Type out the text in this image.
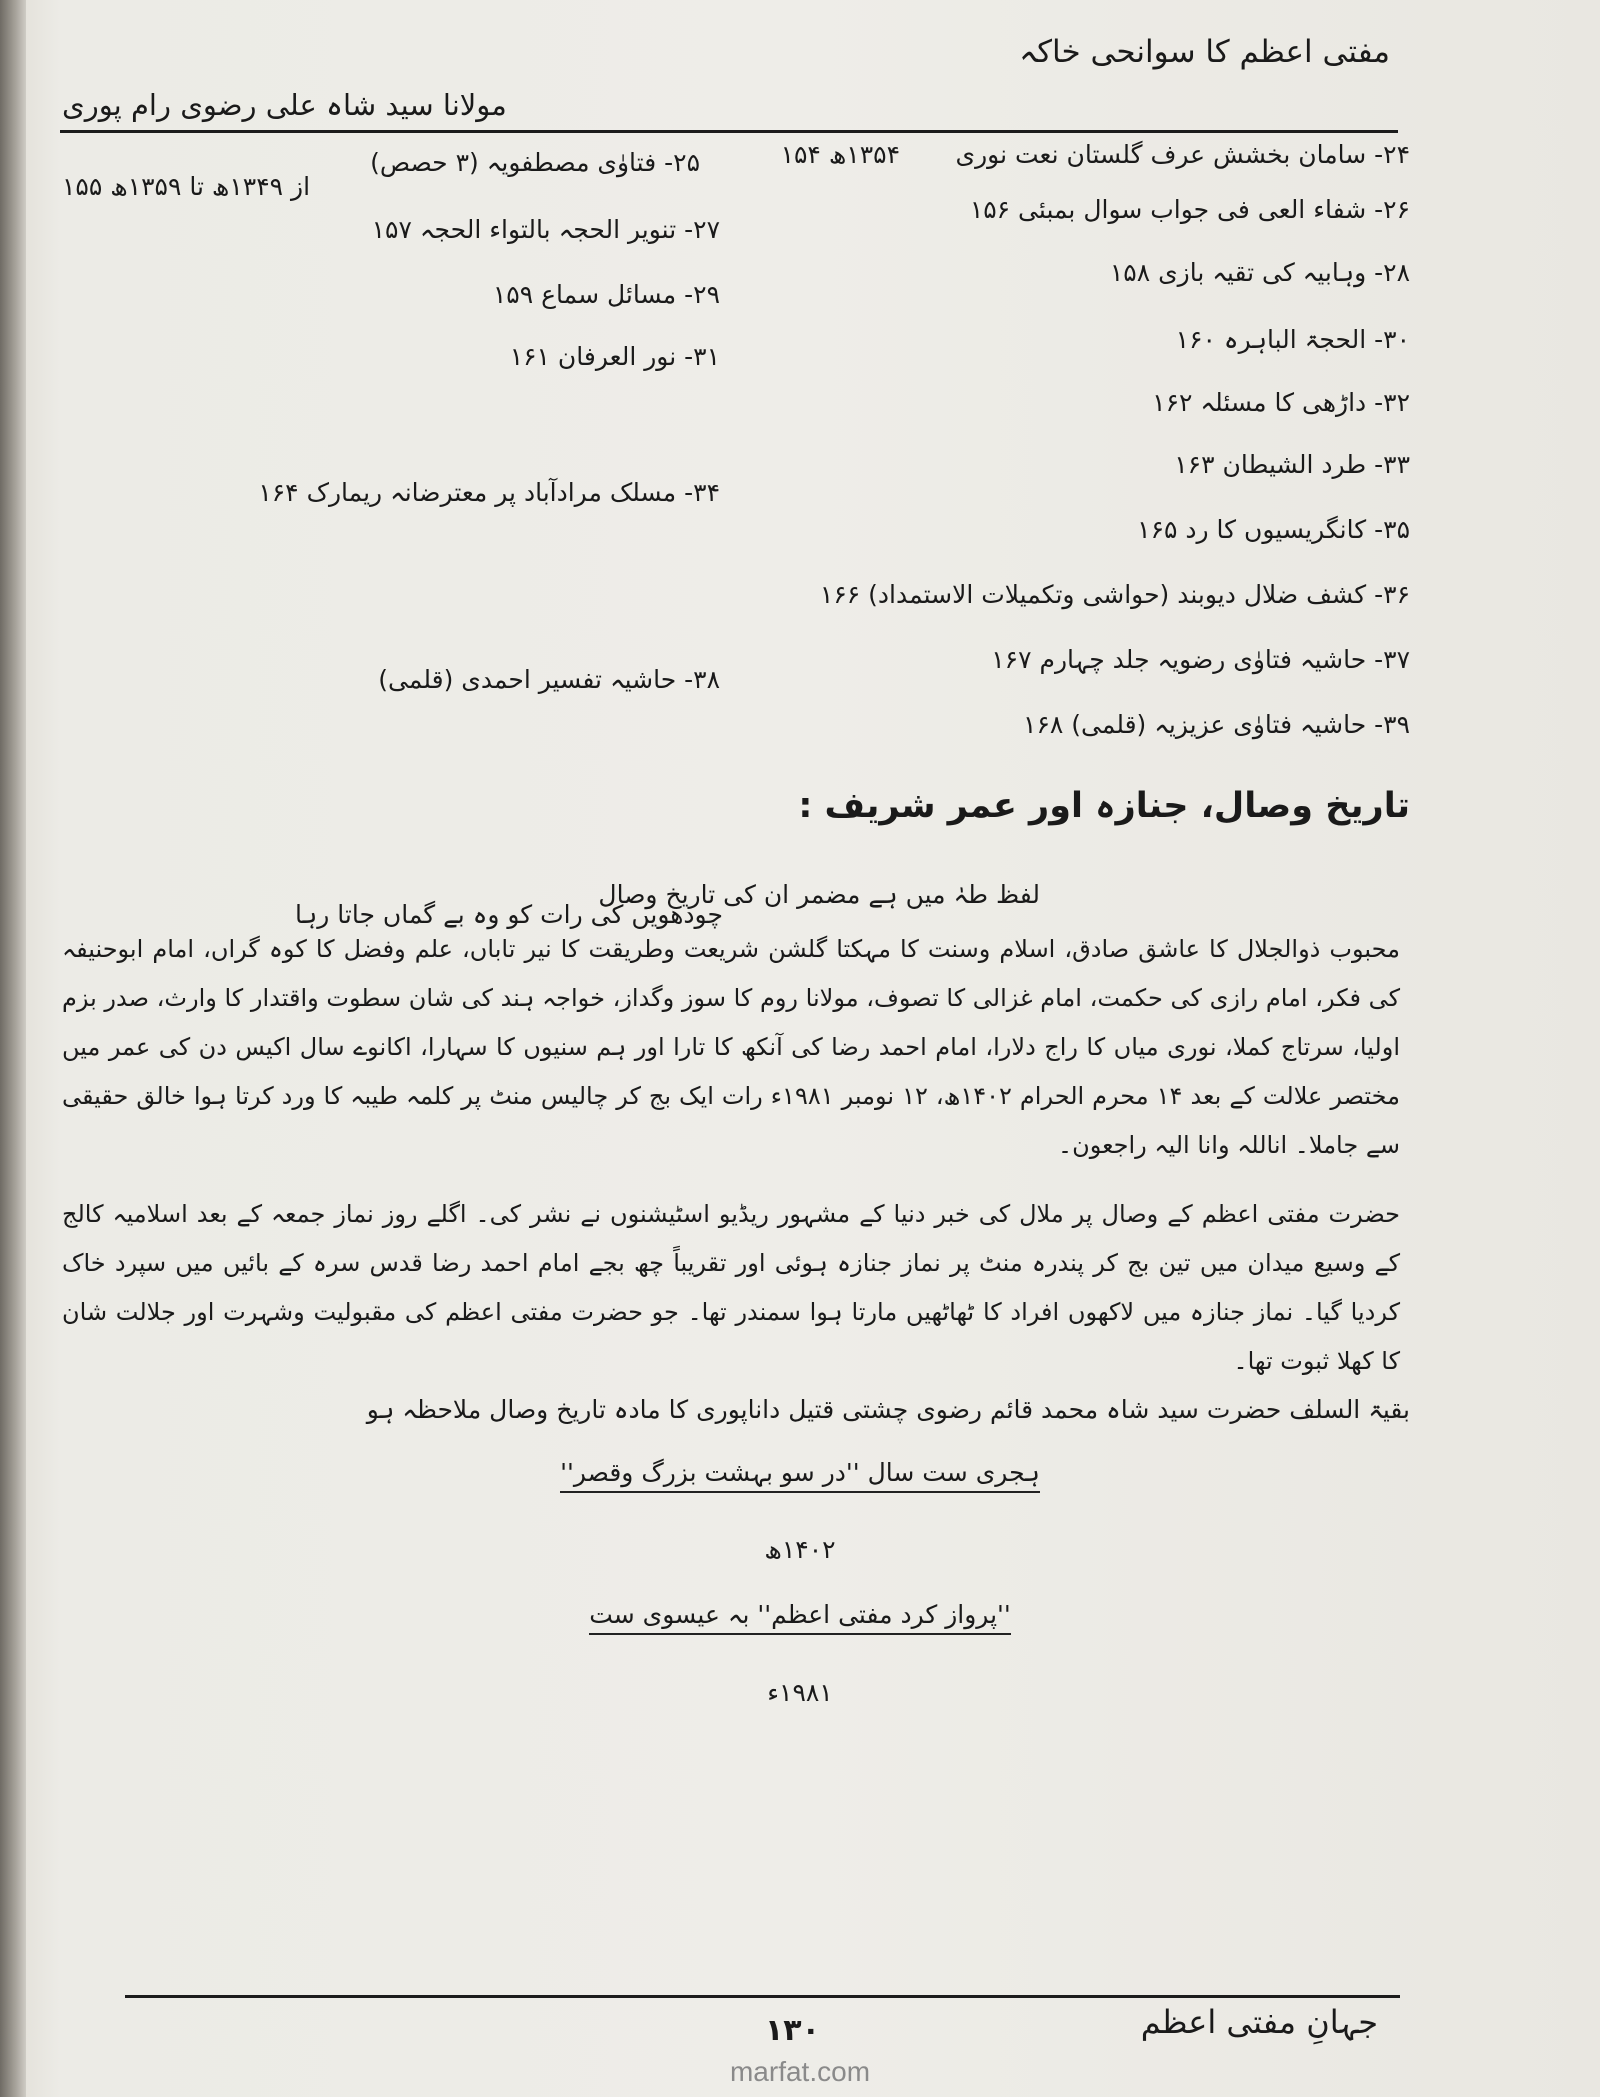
مفتی اعظم کا سوانحی خاکہ
مولانا سید شاہ علی رضوی رام پوری
۲۴- سامان بخشش عرف گلستان نعت نوری
۱۳۵۴ھ ۱۵۴
۲۵- فتاوٰی مصطفویہ (۳ حصص)
از ۱۳۴۹ھ تا ۱۳۵۹ھ ۱۵۵
۲۶- شفاء العی فی جواب سوال بمبئی ۱۵۶
۲۷- تنویر الحجہ بالتواء الحجہ ۱۵۷
۲۸- وہابیہ کی تقیہ بازی ۱۵۸
۲۹- مسائل سماع ۱۵۹
۳۰- الحجۃ الباہرہ ۱۶۰
۳۱- نور العرفان ۱۶۱
۳۲- داڑھی کا مسئلہ ۱۶۲
۳۳- طرد الشیطان ۱۶۳
۳۴- مسلک مرادآباد پر معترضانہ ریمارک ۱۶۴
۳۵- کانگریسیوں کا رد ۱۶۵
۳۶- کشف ضلال دیوبند (حواشی وتکمیلات الاستمداد) ۱۶۶
۳۷- حاشیہ فتاوٰی رضویہ جلد چہارم ۱۶۷
۳۸- حاشیہ تفسیر احمدی (قلمی)
۳۹- حاشیہ فتاوٰی عزیزیہ (قلمی) ۱۶۸
تاریخ وصال، جنازہ اور عمر شریف :
لفظ طہٰ میں ہے مضمر ان کی تاریخ وصال
چودھویں کی رات کو وہ بے گماں جاتا رہا
محبوب ذوالجلال کا عاشق صادق، اسلام وسنت کا مہکتا گلشن شریعت وطریقت کا نیر تاباں، علم وفضل کا کوہ گراں، امام ابوحنیفہ کی فکر، امام رازی کی حکمت، امام غزالی کا تصوف، مولانا روم کا سوز وگداز، خواجہ ہند کی شان سطوت واقتدار کا وارث، صدر بزم اولیا، سرتاج کملا، نوری میاں کا راج دلارا، امام احمد رضا کی آنکھ کا تارا اور ہم سنیوں کا سہارا، اکانوے سال اکیس دن کی عمر میں مختصر علالت کے بعد ۱۴ محرم الحرام ۱۴۰۲ھ، ۱۲ نومبر ۱۹۸۱ء رات ایک بج کر چالیس منٹ پر کلمہ طیبہ کا ورد کرتا ہوا خالق حقیقی سے جاملا۔ اناللہ وانا الیہ راجعون۔
حضرت مفتی اعظم کے وصال پر ملال کی خبر دنیا کے مشہور ریڈیو اسٹیشنوں نے نشر کی۔ اگلے روز نماز جمعہ کے بعد اسلامیہ کالج کے وسیع میدان میں تین بج کر پندرہ منٹ پر نماز جنازہ ہوئی اور تقریباً چھ بجے امام احمد رضا قدس سرہ کے بائیں میں سپرد خاک کردیا گیا۔ نماز جنازہ میں لاکھوں افراد کا ٹھاٹھیں مارتا ہوا سمندر تھا۔ جو حضرت مفتی اعظم کی مقبولیت وشہرت اور جلالت شان کا کھلا ثبوت تھا۔
بقیۃ السلف حضرت سید شاہ محمد قائم رضوی چشتی قتیل داناپوری کا مادہ تاریخ وصال ملاحظہ ہو
ہجری ست سال ''در سو بہشت بزرگ وقصر''
۱۴۰۲ھ
''پرواز کرد مفتی اعظم'' بہ عیسوی ست
۱۹۸۱ء
جہانِ مفتی اعظم
۱۳۰
marfat.com
